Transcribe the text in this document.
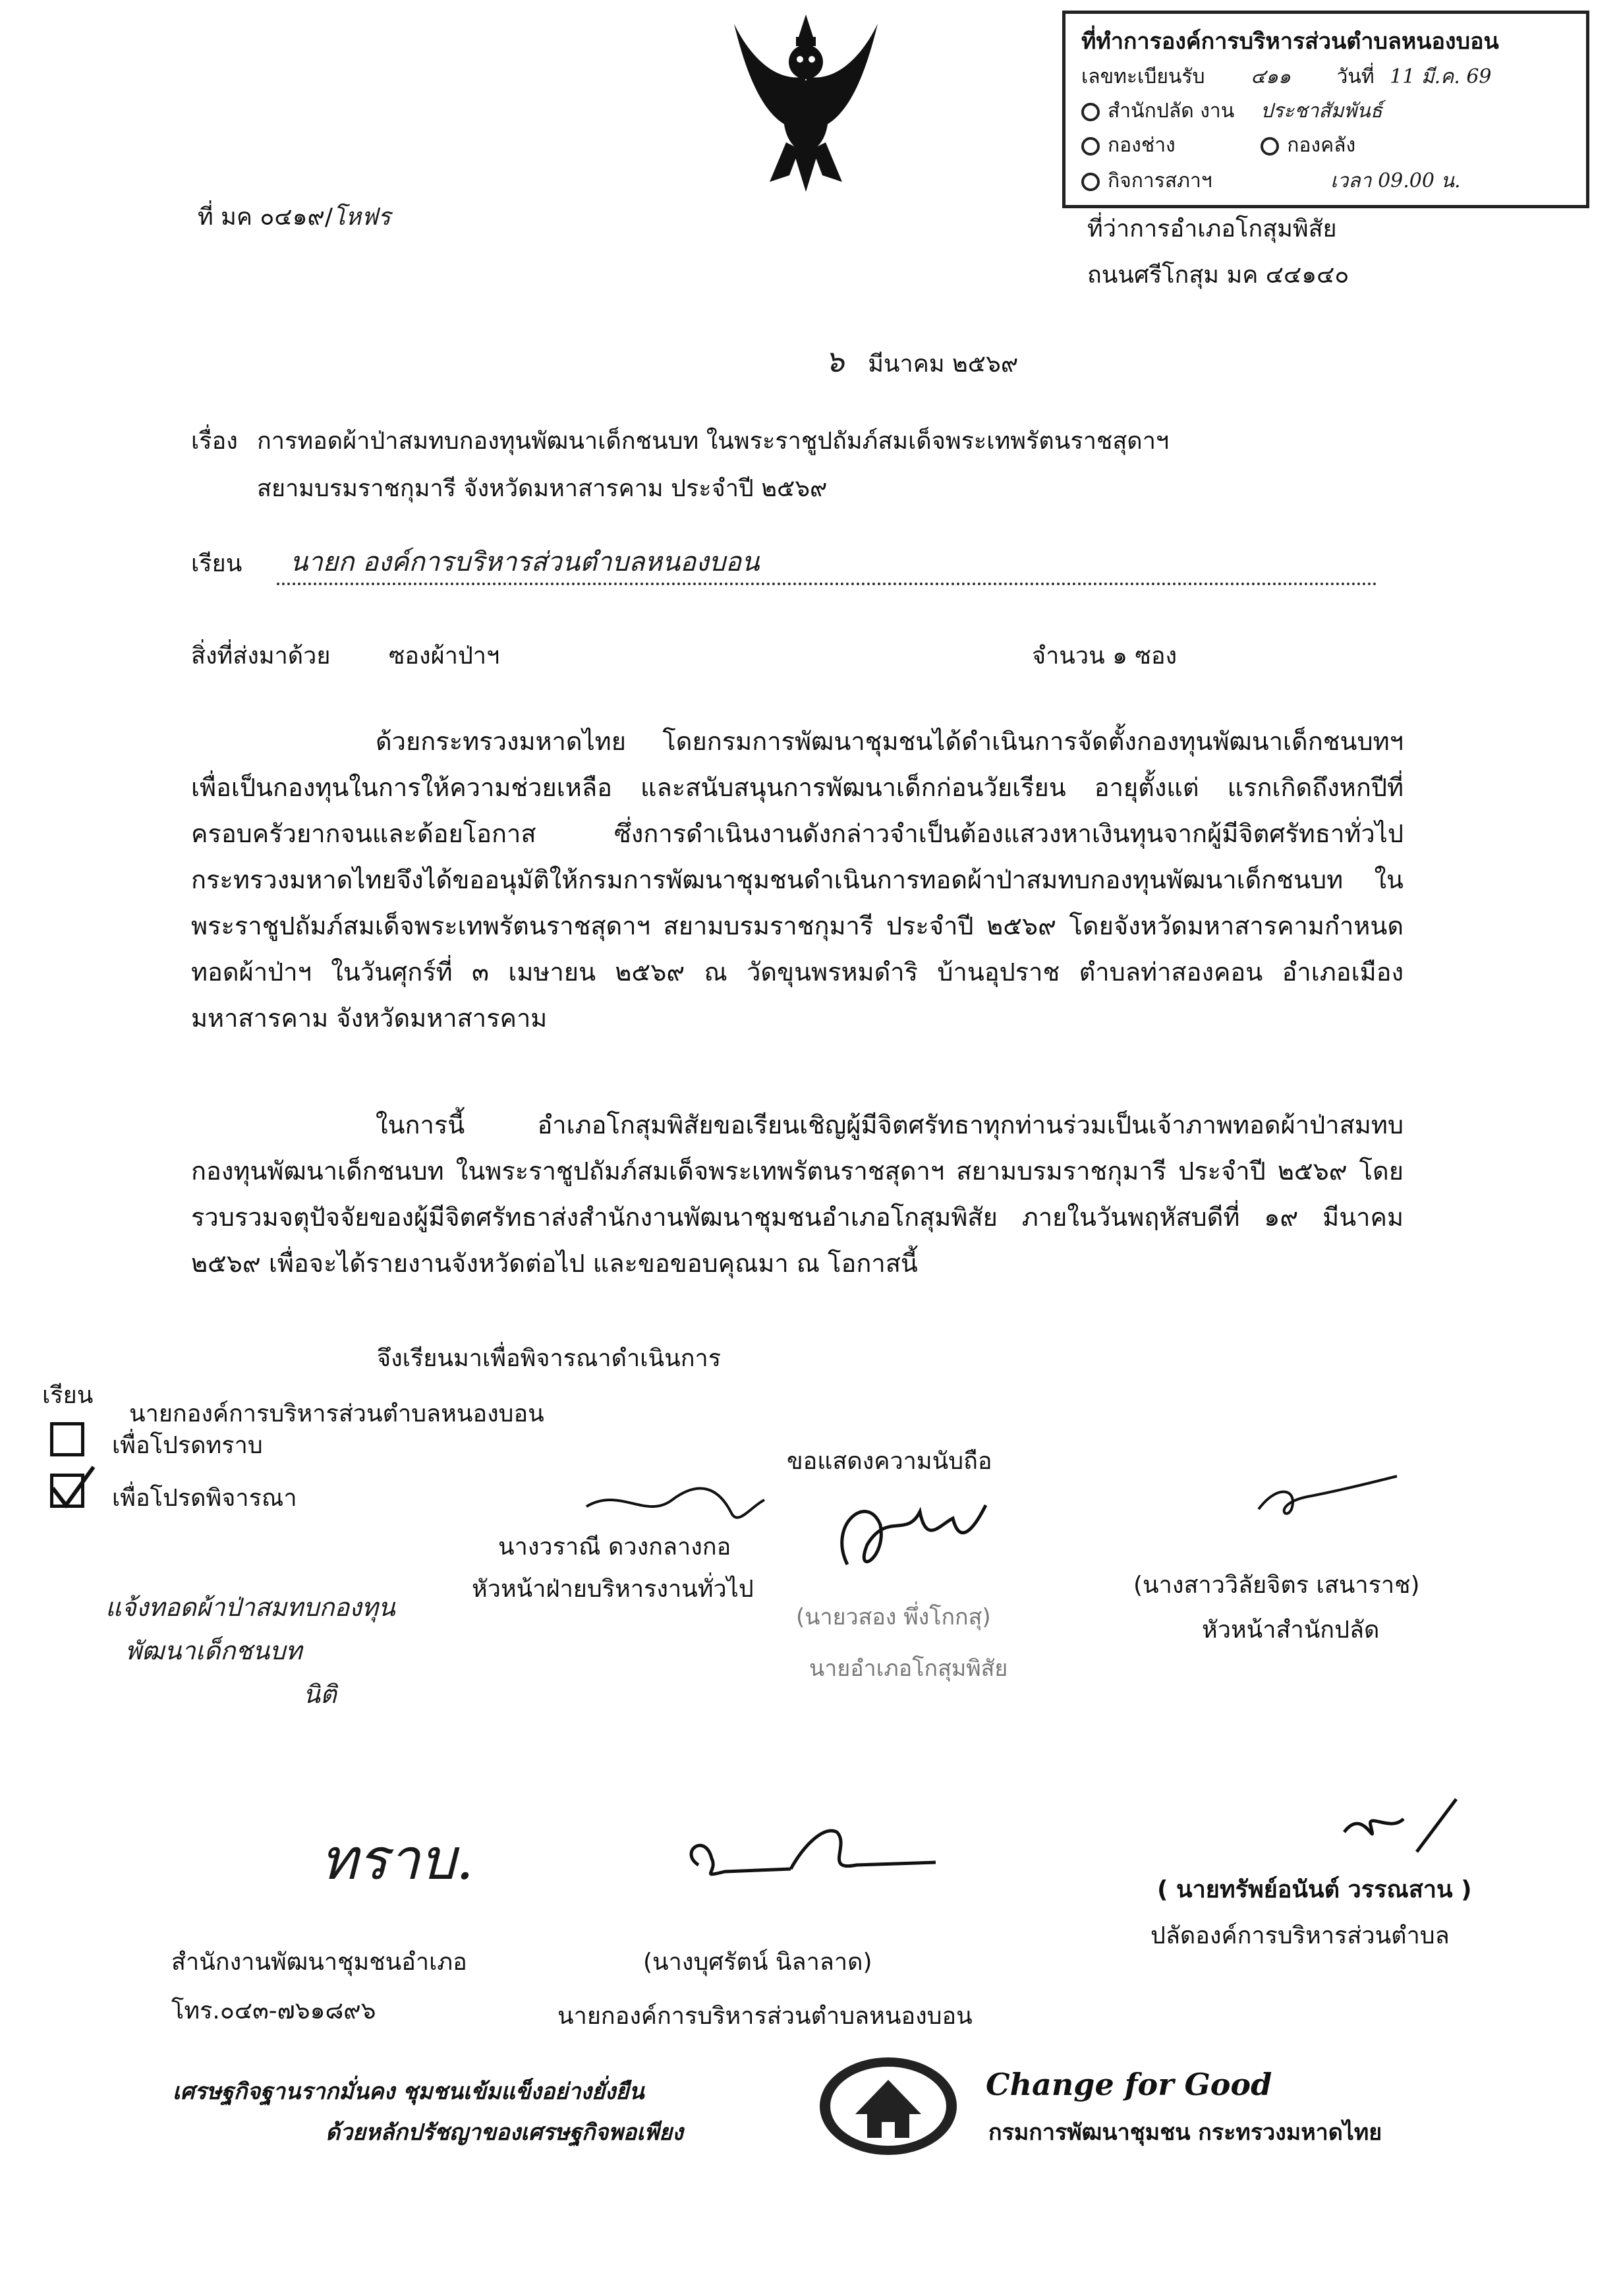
ที่ทำการองค์การบริหารส่วนตำบลหนองบอน
เลขทะเบียนรับ ๔๑๑ วันที่ 11 มี.ค. 69
สำนักปลัด งาน ประชาสัมพันธ์
กองช่าง	กองคลัง
กิจการสภาฯ	เวลา 09.00 น.
ที่ มค ๐๔๑๙/โหฟร	ที่ว่าการอำเภอโกสุมพิสัย
ถนนศรีโกสุม มค ๔๔๑๔๐
๖ มีนาคม ๒๕๖๙
เรื่อง การทอดผ้าป่าสมทบกองทุนพัฒนาเด็กชนบท ในพระราชูปถัมภ์สมเด็จพระเทพรัตนราชสุดาฯ
สยามบรมราชกุมารี จังหวัดมหาสารคาม ประจำปี ๒๕๖๙
เรียน นายก องค์การบริหารส่วนตำบลหนองบอน
สิ่งที่ส่งมาด้วย ซองผ้าป่าฯ	จำนวน ๑ ซอง
ด้วยกระทรวงมหาดไทย โดยกรมการพัฒนาชุมชนได้ดำเนินการจัดตั้งกองทุนพัฒนาเด็กชนบทฯ เพื่อเป็นกองทุนในการให้ความช่วยเหลือ และสนับสนุนการพัฒนาเด็กก่อนวัยเรียน อายุตั้งแต่ แรกเกิดถึงหกปีที่ครอบครัวยากจนและด้อยโอกาส ซึ่งการดำเนินงานดังกล่าวจำเป็นต้องแสวงหาเงินทุนจากผู้มีจิตศรัทธาทั่วไป กระทรวงมหาดไทยจึงได้ขออนุมัติให้กรมการพัฒนาชุมชนดำเนินการทอดผ้าป่าสมทบกองทุนพัฒนาเด็กชนบท ในพระราชูปถัมภ์สมเด็จพระเทพรัตนราชสุดาฯ สยามบรมราชกุมารี ประจำปี ๒๕๖๙ โดยจังหวัดมหาสารคามกำหนดทอดผ้าป่าฯ ในวันศุกร์ที่ ๓ เมษายน ๒๕๖๙ ณ วัดขุนพรหมดำริ บ้านอุปราช ตำบลท่าสองคอน อำเภอเมืองมหาสารคาม จังหวัดมหาสารคาม
ในการนี้ อำเภอโกสุมพิสัยขอเรียนเชิญผู้มีจิตศรัทธาทุกท่านร่วมเป็นเจ้าภาพทอดผ้าป่าสมทบกองทุนพัฒนาเด็กชนบท ในพระราชูปถัมภ์สมเด็จพระเทพรัตนราชสุดาฯ สยามบรมราชกุมารี ประจำปี ๒๕๖๙ โดยรวบรวมจตุปัจจัยของผู้มีจิตศรัทธาส่งสำนักงานพัฒนาชุมชนอำเภอโกสุมพิสัย ภายในวันพฤหัสบดีที่ ๑๙ มีนาคม ๒๕๖๙ เพื่อจะได้รายงานจังหวัดต่อไป และขอขอบคุณมา ณ โอกาสนี้
จึงเรียนมาเพื่อพิจารณาดำเนินการ
เรียน
นายกองค์การบริหารส่วนตำบลหนองบอน
เพื่อโปรดทราบ
เพื่อโปรดพิจารณา
ขอแสดงความนับถือ
นางวราณี ดวงกลางกอ
หัวหน้าฝ่ายบริหารงานทั่วไป
(นายวสอง พึ่งโกกสุ)
นายอำเภอโกสุมพิสัย
(นางสาววิลัยจิตร เสนาราช)
หัวหน้าสำนักปลัด
แจ้งทอดผ้าป่าสมทบกองทุน
พัฒนาเด็กชนบท
นิติ
ทราบ.	( นายทรัพย์อนันต์ วรรณสาน )
ปลัดองค์การบริหารส่วนตำบล
สำนักงานพัฒนาชุมชนอำเภอ
โทร.๐๔๓-๗๖๑๘๙๖
(นางบุศรัตน์ นิลาลาด)
นายกองค์การบริหารส่วนตำบลหนองบอน
เศรษฐกิจฐานรากมั่นคง ชุมชนเข้มแข็งอย่างยั่งยืน
ด้วยหลักปรัชญาของเศรษฐกิจพอเพียง
Change for Good
กรมการพัฒนาชุมชน กระทรวงมหาดไทย
